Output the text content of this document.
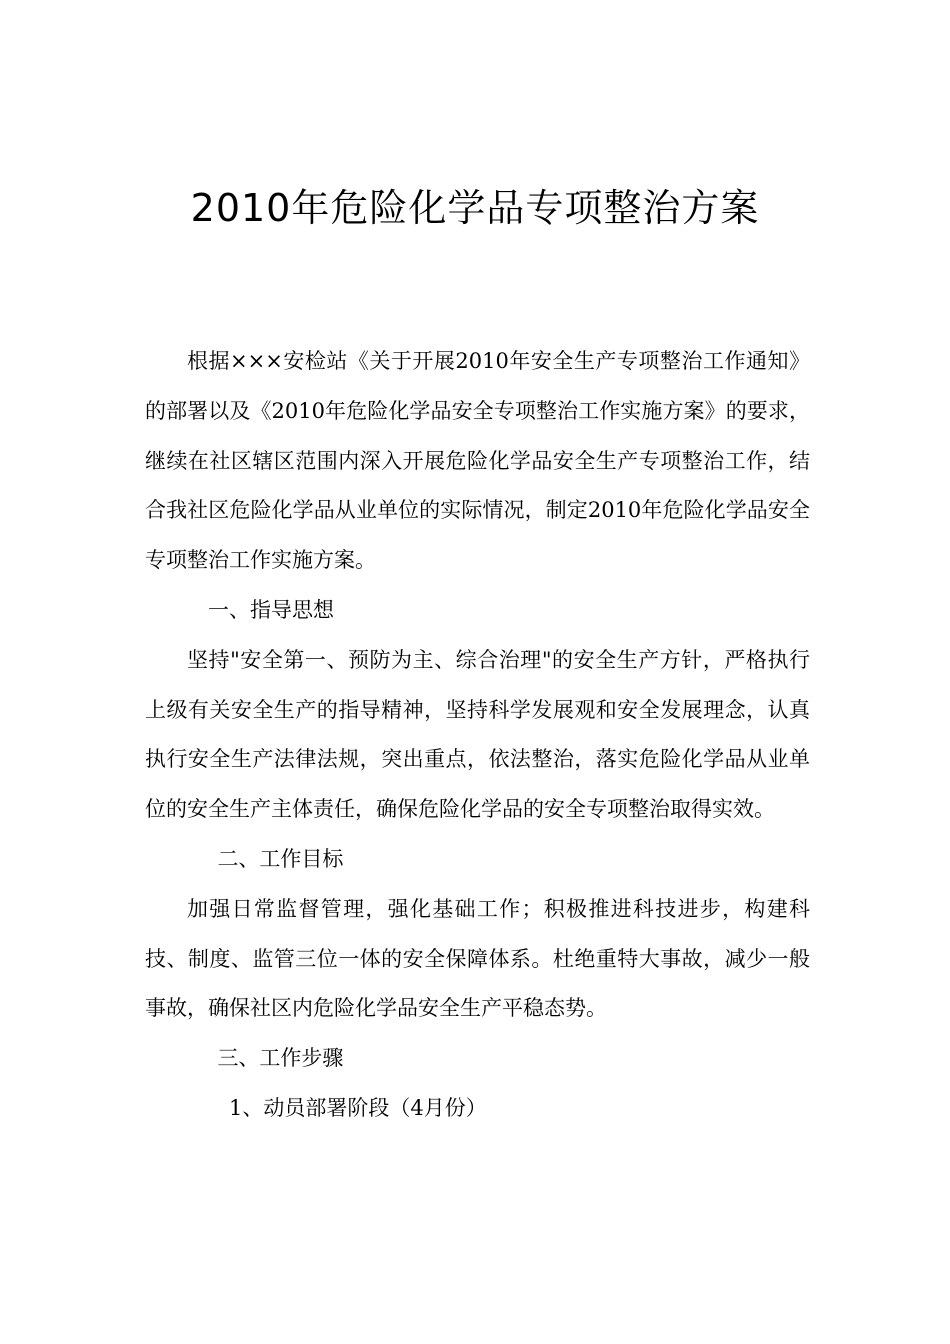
2010年危险化学品专项整治方案

根据×××安检站《关于开展2010年安全生产专项整治工作通知》的部署以及《2010年危险化学品安全专项整治工作实施方案》的要求，继续在社区辖区范围内深入开展危险化学品安全生产专项整治工作，结合我社区危险化学品从业单位的实际情况，制定2010年危险化学品安全专项整治工作实施方案。

一、指导思想

坚持"安全第一、预防为主、综合治理"的安全生产方针，严格执行上级有关安全生产的指导精神，坚持科学发展观和安全发展理念，认真执行安全生产法律法规，突出重点，依法整治，落实危险化学品从业单位的安全生产主体责任，确保危险化学品的安全专项整治取得实效。

二、工作目标

加强日常监督管理，强化基础工作；积极推进科技进步，构建科技、制度、监管三位一体的安全保障体系。杜绝重特大事故，减少一般事故，确保社区内危险化学品安全生产平稳态势。

三、工作步骤

1、动员部署阶段（4月份）
